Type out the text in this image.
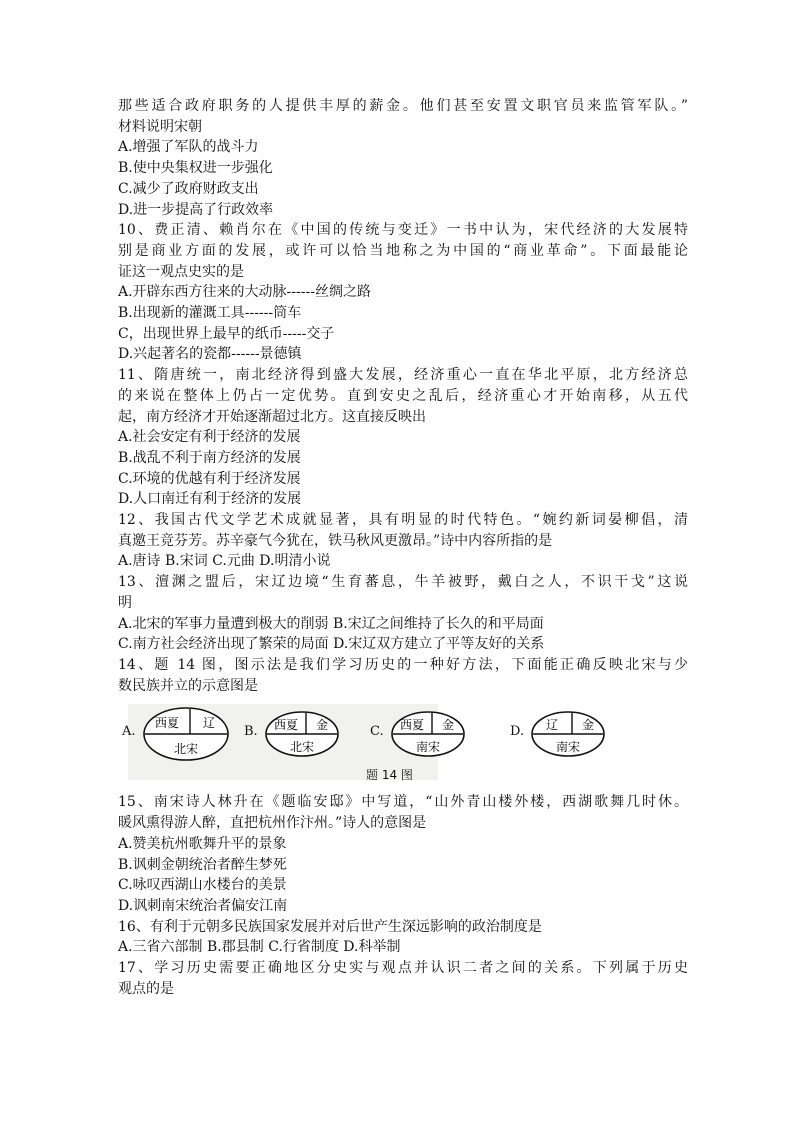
那些适合政府职务的人提供丰厚的薪金。他们甚至安置文职官员来监管军队。”
材料说明宋朝
A.增强了军队的战斗力
B.使中央集权进一步强化
C.减少了政府财政支出
D.进一步提高了行政效率
10、费正清、赖肖尔在《中国的传统与变迁》一书中认为，宋代经济的大发展特
别是商业方面的发展，或许可以恰当地称之为中国的“商业革命”。下面最能论
证这一观点史实的是
A.开辟东西方往来的大动脉------丝绸之路
B.出现新的灌溉工具------筒车
C，出现世界上最早的纸币-----交子
D.兴起著名的瓷都------景德镇
11、隋唐统一，南北经济得到盛大发展，经济重心一直在华北平原，北方经济总
的来说在整体上仍占一定优势。直到安史之乱后，经济重心才开始南移，从五代
起，南方经济才开始逐渐超过北方。这直接反映出
A.社会安定有利于经济的发展
B.战乱不利于南方经济的发展
C.环境的优越有利于经济发展
D.人口南迁有利于经济的发展
12、我国古代文学艺术成就显著，具有明显的时代特色。“婉约新词晏柳倡，清
真邀王竞芬芳。苏辛豪气今犹在，铁马秋风更激昂。”诗中内容所指的是
A.唐诗 B.宋词 C.元曲 D.明清小说
13、澶渊之盟后，宋辽边境“生育蕃息，牛羊被野，戴白之人，不识干戈”这说
明
A.北宋的军事力量遭到极大的削弱 B.宋辽之间维持了长久的和平局面
C.南方社会经济出现了繁荣的局面 D.宋辽双方建立了平等友好的关系
14、题 14 图，图示法是我们学习历史的一种好方法，下面能正确反映北宋与少
数民族并立的示意图是
A.
西夏 辽
北宋
B. 西夏 金
北宋
C. 西夏 金
南宋
D. 辽 金
南宋
题 14 图
15、南宋诗人林升在《题临安邸》中写道，“山外青山楼外楼，西湖歌舞几时休。
暖风熏得游人醉，直把杭州作汴州。”诗人的意图是
A.赞美杭州歌舞升平的景象
B.讽刺金朝统治者醉生梦死
C.咏叹西湖山水楼台的美景
D.讽刺南宋统治者偏安江南
16、有利于元朝多民族国家发展并对后世产生深远影响的政治制度是
A.三省六部制 B.郡县制 C.行省制度 D.科举制
17、学习历史需要正确地区分史实与观点并认识二者之间的关系。下列属于历史
观点的是
